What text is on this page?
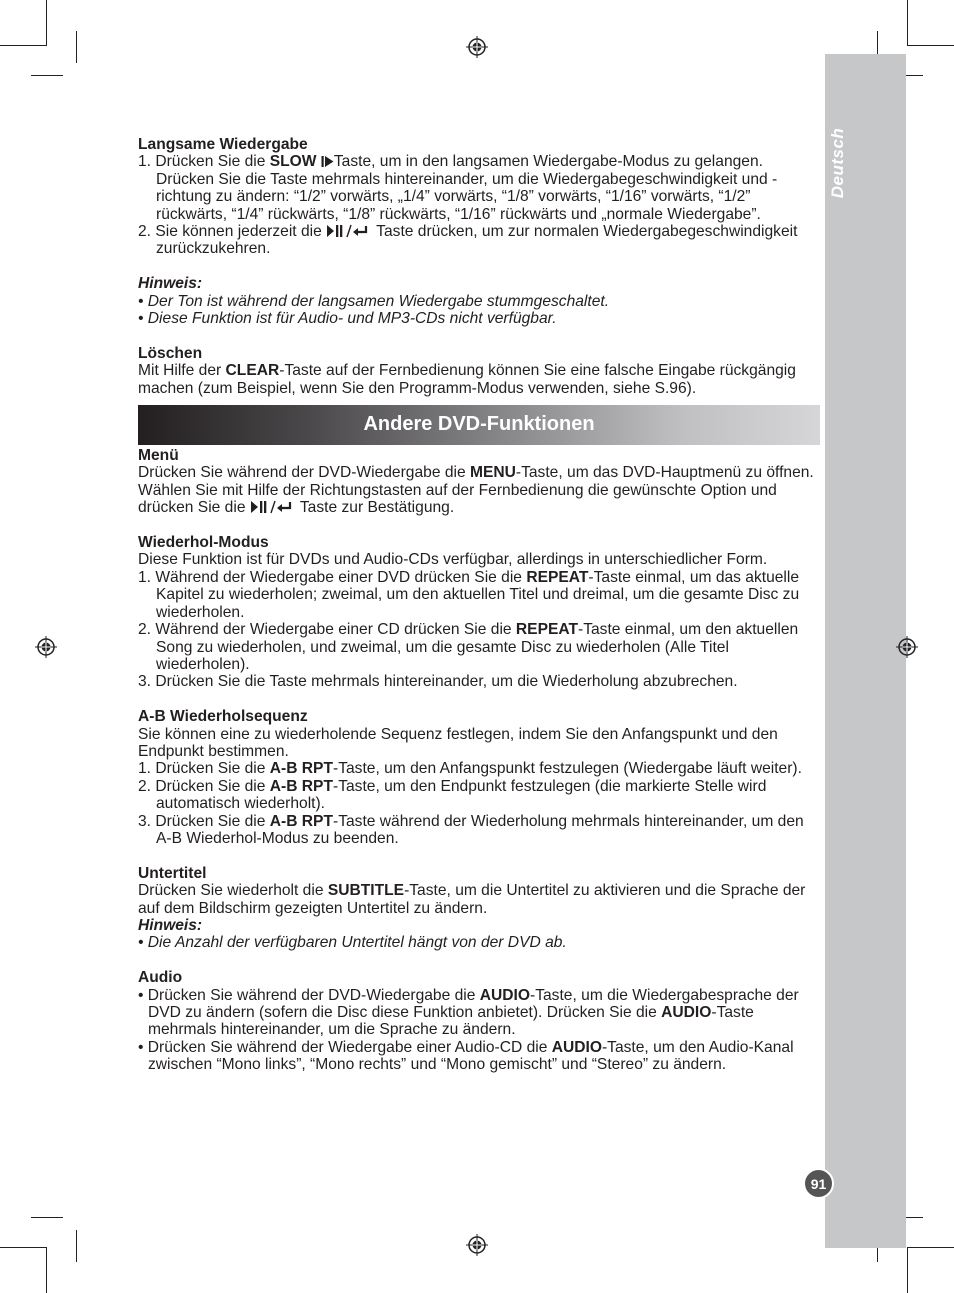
Deutsch
91

Langsame Wiedergabe

1. Drücken Sie die SLOW Taste, um in den langsamen Wiedergabe-Modus zu gelangen. Drücken Sie die Taste mehrmals hintereinander, um die Wiedergabegeschwindigkeit und -richtung zu ändern: “1/2” vorwärts, „1/4” vorwärts, “1/8” vorwärts, “1/16” vorwärts, “1/2” rückwärts, “1/4” rückwärts, “1/8” rückwärts, “1/16” rückwärts und „normale Wiedergabe”.

2. Sie können jederzeit die	Taste drücken, um zur normalen Wiedergabegeschwindigkeit zurückzukehren.

Hinweis:

• Der Ton ist während der langsamen Wiedergabe stummgeschaltet.

• Diese Funktion ist für Audio- und MP3-CDs nicht verfügbar.

Löschen

Mit Hilfe der CLEAR-Taste auf der Fernbedienung können Sie eine falsche Eingabe rückgängig machen (zum Beispiel, wenn Sie den Programm-Modus verwenden, siehe S.96).

Andere DVD-Funktionen

Menü

Drücken Sie während der DVD-Wiedergabe die MENU-Taste, um das DVD-Hauptmenü zu öffnen. Wählen Sie mit Hilfe der Richtungstasten auf der Fernbedienung die gewünschte Option und drücken Sie die	Taste zur Bestätigung.

Wiederhol-Modus

Diese Funktion ist für DVDs und Audio-CDs verfügbar, allerdings in unterschiedlicher Form.

1. Während der Wiedergabe einer DVD drücken Sie die REPEAT-Taste einmal, um das aktuelle Kapitel zu wiederholen; zweimal, um den aktuellen Titel und dreimal, um die gesamte Disc zu wiederholen.

2. Während der Wiedergabe einer CD drücken Sie die REPEAT-Taste einmal, um den aktuellen Song zu wiederholen, und zweimal, um die gesamte Disc zu wiederholen (Alle Titel wiederholen).

3. Drücken Sie die Taste mehrmals hintereinander, um die Wiederholung abzubrechen.

A-B Wiederholsequenz

Sie können eine zu wiederholende Sequenz festlegen, indem Sie den Anfangspunkt und den Endpunkt bestimmen.

1. Drücken Sie die A-B RPT-Taste, um den Anfangspunkt festzulegen (Wiedergabe läuft weiter).

2. Drücken Sie die A-B RPT-Taste, um den Endpunkt festzulegen (die markierte Stelle wird automatisch wiederholt).

3. Drücken Sie die A-B RPT-Taste während der Wiederholung mehrmals hintereinander, um den A-B Wiederhol-Modus zu beenden.

Untertitel

Drücken Sie wiederholt die SUBTITLE-Taste, um die Untertitel zu aktivieren und die Sprache der auf dem Bildschirm gezeigten Untertitel zu ändern.

Hinweis:

• Die Anzahl der verfügbaren Untertitel hängt von der DVD ab.

Audio

• Drücken Sie während der DVD-Wiedergabe die AUDIO-Taste, um die Wiedergabesprache der DVD zu ändern (sofern die Disc diese Funktion anbietet). Drücken Sie die AUDIO-Taste mehrmals hintereinander, um die Sprache zu ändern.

• Drücken Sie während der Wiedergabe einer Audio-CD die AUDIO-Taste, um den Audio-Kanal zwischen “Mono links”, “Mono rechts” und “Mono gemischt” und “Stereo” zu ändern.
